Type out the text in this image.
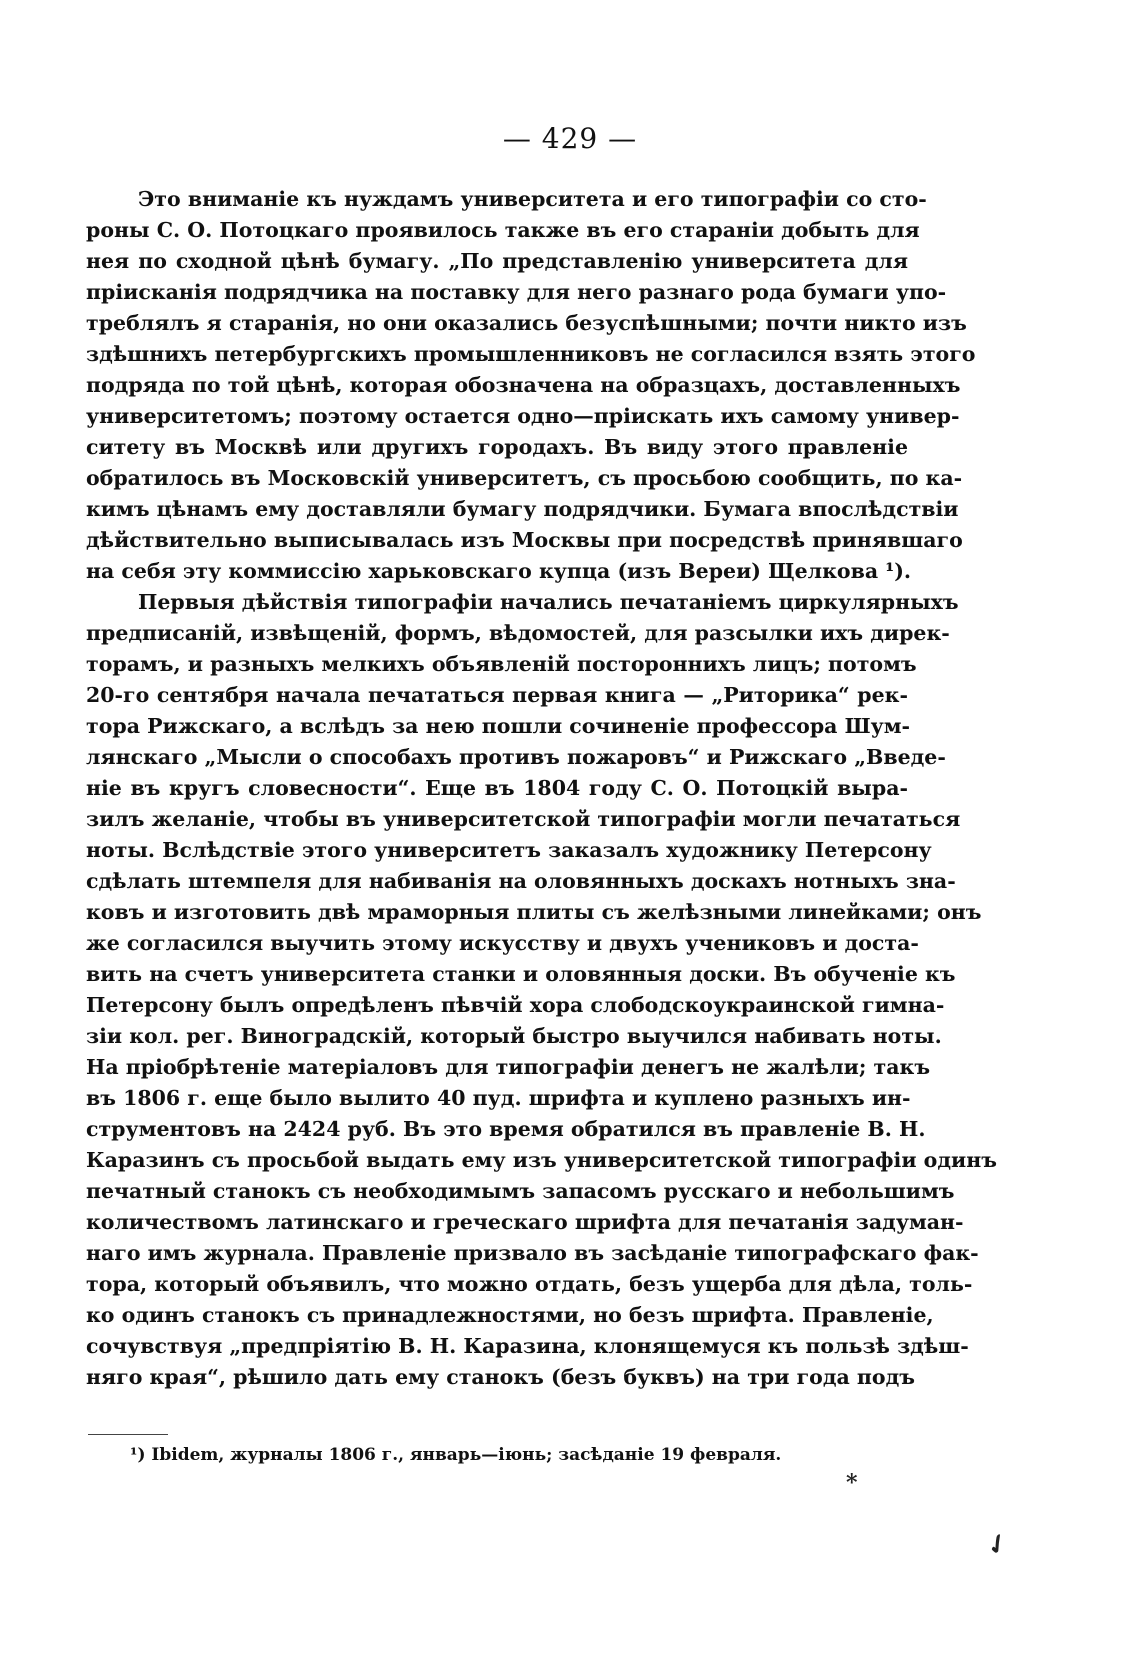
— 429 —
Это вниманіе къ нуждамъ университета и его типографіи со сто-
роны С. О. Потоцкаго проявилось также въ его стараніи добыть для
нея по сходной цѣнѣ бумагу. „По представленію университета для
пріисканія подрядчика на поставку для него разнаго рода бумаги упо-
треблялъ я старанія, но они оказались безуспѣшными; почти никто изъ
здѣшнихъ петербургскихъ промышленниковъ не согласился взять этого
подряда по той цѣнѣ, которая обозначена на образцахъ, доставленныхъ
университетомъ; поэтому остается одно—пріискать ихъ самому универ-
ситету въ Москвѣ или другихъ городахъ. Въ виду этого правленіе
обратилось въ Московскій университетъ, съ просьбою сообщить, по ка-
кимъ цѣнамъ ему доставляли бумагу подрядчики. Бумага впослѣдствіи
дѣйствительно выписывалась изъ Москвы при посредствѣ принявшаго
на себя эту коммиссію харьковскаго купца (изъ Вереи) Щелкова ¹).
Первыя дѣйствія типографіи начались печатаніемъ циркулярныхъ
предписаній, извѣщеній, формъ, вѣдомостей, для разсылки ихъ дирек-
торамъ, и разныхъ мелкихъ объявленій постороннихъ лицъ; потомъ
20-го сентября начала печататься первая книга — „Риторика“ рек-
тора Рижскаго, а вслѣдъ за нею пошли сочиненіе профессора Шум-
лянскаго „Мысли о способахъ противъ пожаровъ“ и Рижскаго „Введе-
ніе въ кругъ словесности“. Еще въ 1804 году С. О. Потоцкій выра-
зилъ желаніе, чтобы въ университетской типографіи могли печататься
ноты. Вслѣдствіе этого университетъ заказалъ художнику Петерсону
сдѣлать штемпеля для набиванія на оловянныхъ доскахъ нотныхъ зна-
ковъ и изготовить двѣ мраморныя плиты съ желѣзными линейками; онъ
же согласился выучить этому искусству и двухъ учениковъ и доста-
вить на счетъ университета станки и оловянныя доски. Въ обученіе къ
Петерсону былъ опредѣленъ пѣвчій хора слободскоукраинской гимна-
зіи кол. рег. Виноградскій, который быстро выучился набивать ноты.
На пріобрѣтеніе матеріаловъ для типографіи денегъ не жалѣли; такъ
въ 1806 г. еще было вылито 40 пуд. шрифта и куплено разныхъ ин-
струментовъ на 2424 руб. Въ это время обратился въ правленіе В. Н.
Каразинъ съ просьбой выдать ему изъ университетской типографіи одинъ
печатный станокъ съ необходимымъ запасомъ русскаго и небольшимъ
количествомъ латинскаго и греческаго шрифта для печатанія задуман-
наго имъ журнала. Правленіе призвало въ засѣданіе типографскаго фак-
тора, который объявилъ, что можно отдать, безъ ущерба для дѣла, толь-
ко одинъ станокъ съ принадлежностями, но безъ шрифта. Правленіе,
сочувствуя „предпріятію В. Н. Каразина, клонящемуся къ пользѣ здѣш-
няго края“, рѣшило дать ему станокъ (безъ буквъ) на три года подъ
¹) Ibidem, журналы 1806 г., январь—іюнь; засѣданіе 19 февраля.
*
✓
